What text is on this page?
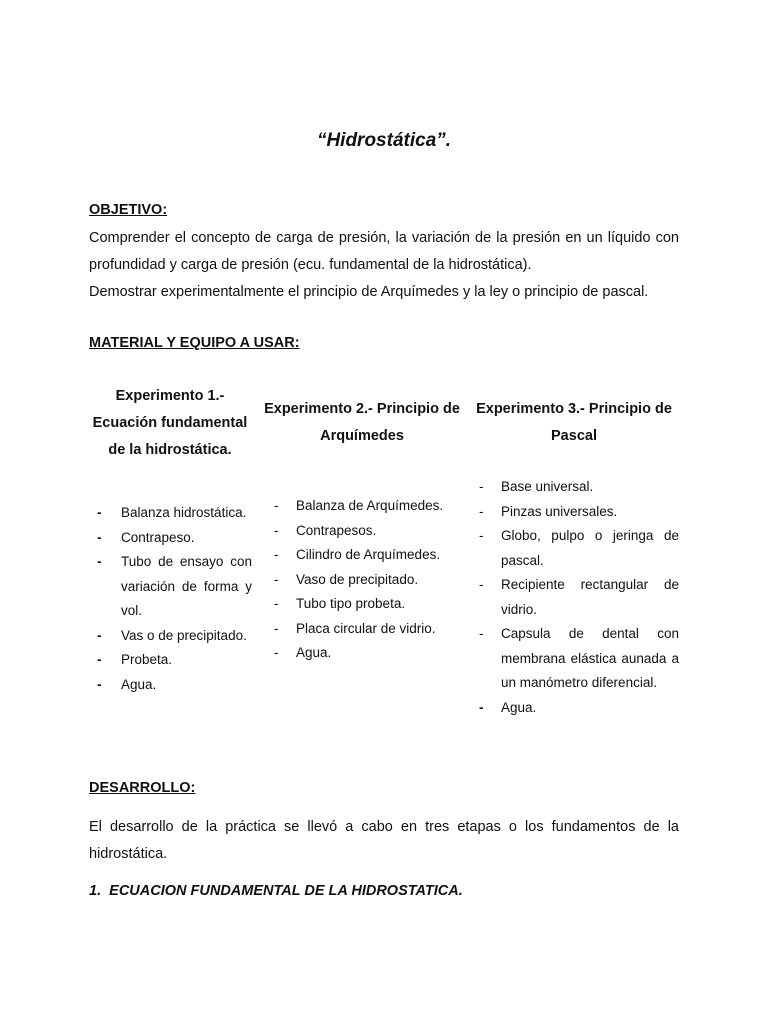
“Hidrostática”.
OBJETIVO:

Comprender el concepto de carga de presión, la variación de la presión en un líquido con profundidad y carga de presión (ecu. fundamental de la hidrostática).

Demostrar experimentalmente el principio de Arquímedes y la ley o principio de pascal.

MATERIAL Y EQUIPO A USAR:
Experimento 1.- Ecuación fundamental de la hidrostática.
Experimento 2.- Principio de Arquímedes
Experimento 3.- Principio de Pascal
- Balanza hidrostática.
- Contrapeso.
- Tubo de ensayo con variación de forma y vol.
- Vas o de precipitado.
- Probeta.
- Agua.
- Balanza de Arquímedes.
- Contrapesos.
- Cilindro de Arquímedes.
- Vaso de precipitado.
- Tubo tipo probeta.
- Placa circular de vidrio.
- Agua.
- Base universal.
- Pinzas universales.
- Globo, pulpo o jeringa de pascal.
- Recipiente rectangular de vidrio.
- Capsula de dental con membrana elástica aunada a un manómetro diferencial.
- Agua.
DESARROLLO:

El desarrollo de la práctica se llevó a cabo en tres etapas o los fundamentos de la hidrostática.

1. ECUACION FUNDAMENTAL DE LA HIDROSTATICA.
